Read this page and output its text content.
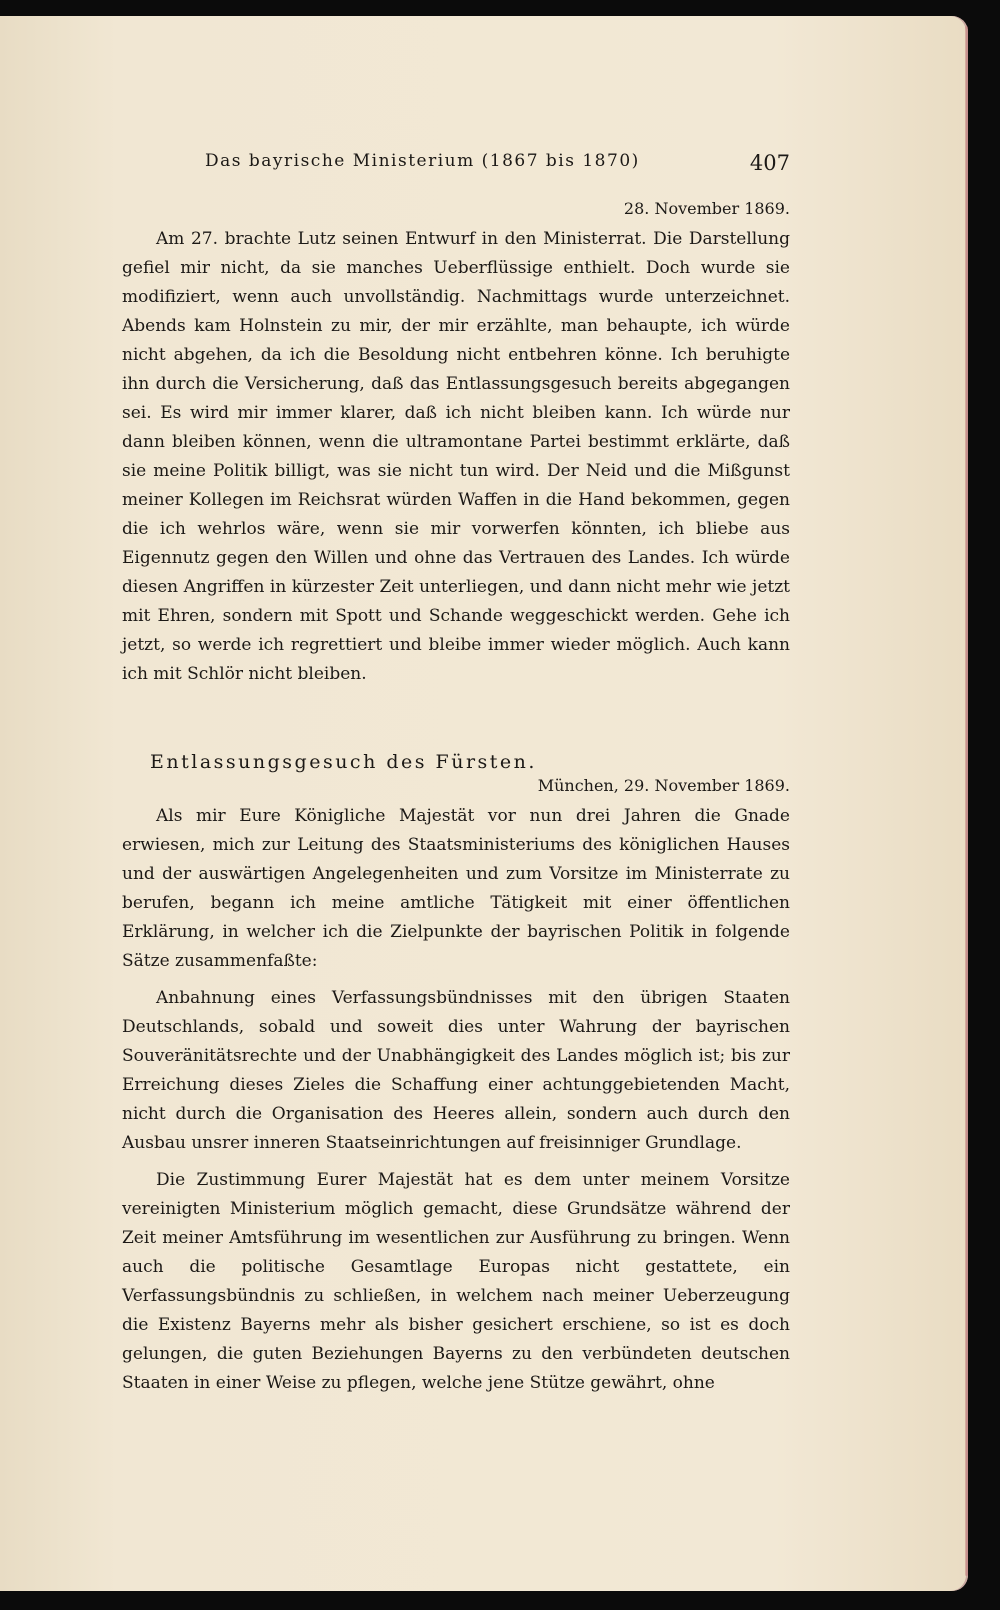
Das bayrische Ministerium (1867 bis 1870)	407

28. November 1869.

Am 27. brachte Lutz seinen Entwurf in den Ministerrat. Die Darstellung gefiel mir nicht, da sie manches Ueberflüssige enthielt. Doch wurde sie modifiziert, wenn auch unvollständig. Nachmittags wurde unterzeichnet. Abends kam Holnstein zu mir, der mir erzählte, man behaupte, ich würde nicht abgehen, da ich die Besoldung nicht entbehren könne. Ich beruhigte ihn durch die Versicherung, daß das Entlassungsgesuch bereits abgegangen sei. Es wird mir immer klarer, daß ich nicht bleiben kann. Ich würde nur dann bleiben können, wenn die ultramontane Partei bestimmt erklärte, daß sie meine Politik billigt, was sie nicht tun wird. Der Neid und die Mißgunst meiner Kollegen im Reichsrat würden Waffen in die Hand bekommen, gegen die ich wehrlos wäre, wenn sie mir vorwerfen könnten, ich bliebe aus Eigennutz gegen den Willen und ohne das Vertrauen des Landes. Ich würde diesen Angriffen in kürzester Zeit unterliegen, und dann nicht mehr wie jetzt mit Ehren, sondern mit Spott und Schande weggeschickt werden. Gehe ich jetzt, so werde ich regrettiert und bleibe immer wieder möglich. Auch kann ich mit Schlör nicht bleiben.

Entlassungsgesuch des Fürsten.

München, 29. November 1869.

Als mir Eure Königliche Majestät vor nun drei Jahren die Gnade erwiesen, mich zur Leitung des Staatsministeriums des königlichen Hauses und der auswärtigen Angelegenheiten und zum Vorsitze im Ministerrate zu berufen, begann ich meine amtliche Tätigkeit mit einer öffentlichen Erklärung, in welcher ich die Zielpunkte der bayrischen Politik in folgende Sätze zusammenfaßte:

Anbahnung eines Verfassungsbündnisses mit den übrigen Staaten Deutschlands, sobald und soweit dies unter Wahrung der bayrischen Souveränitätsrechte und der Unabhängigkeit des Landes möglich ist; bis zur Erreichung dieses Zieles die Schaffung einer achtunggebietenden Macht, nicht durch die Organisation des Heeres allein, sondern auch durch den Ausbau unsrer inneren Staatseinrichtungen auf freisinniger Grundlage.

Die Zustimmung Eurer Majestät hat es dem unter meinem Vorsitze vereinigten Ministerium möglich gemacht, diese Grundsätze während der Zeit meiner Amtsführung im wesentlichen zur Ausführung zu bringen. Wenn auch die politische Gesamtlage Europas nicht gestattete, ein Verfassungsbündnis zu schließen, in welchem nach meiner Ueberzeugung die Existenz Bayerns mehr als bisher gesichert erschiene, so ist es doch gelungen, die guten Beziehungen Bayerns zu den verbündeten deutschen Staaten in einer Weise zu pflegen, welche jene Stütze gewährt, ohne
